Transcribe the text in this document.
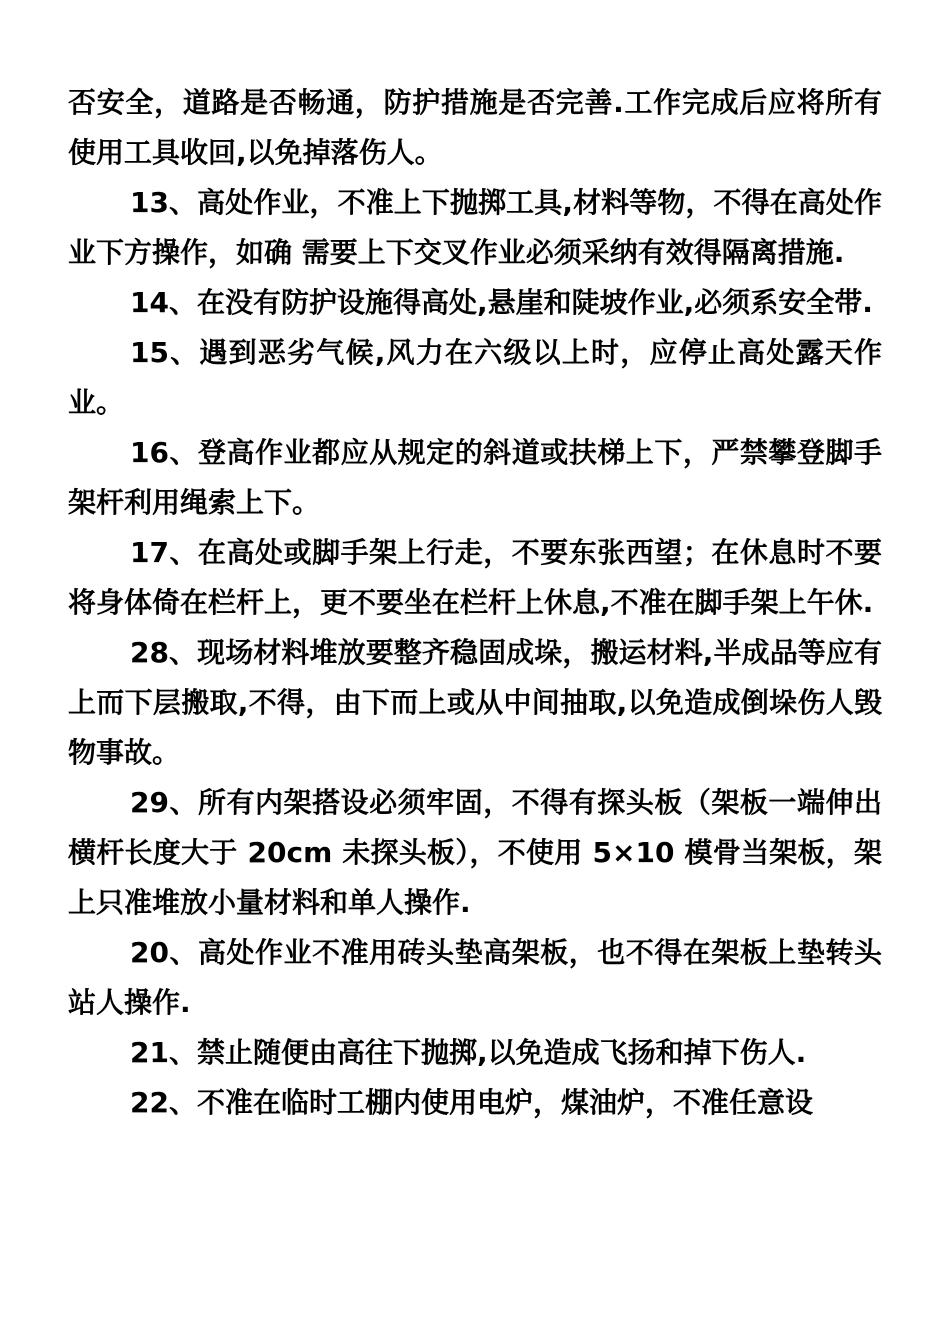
否安全，道路是否畅通，防护措施是否完善.工作完成后应将所有使用工具收回,以免掉落伤人。

13、高处作业，不准上下抛掷工具,材料等物，不得在高处作业下方操作，如确 需要上下交叉作业必须采纳有效得隔离措施.

14、在没有防护设施得高处,悬崖和陡坡作业,必须系安全带.

15、遇到恶劣气候,风力在六级以上时，应停止高处露天作业。

16、登高作业都应从规定的斜道或扶梯上下，严禁攀登脚手架杆利用绳索上下。

17、在高处或脚手架上行走，不要东张西望；在休息时不要将身体倚在栏杆上，更不要坐在栏杆上休息,不准在脚手架上午休.

28、现场材料堆放要整齐稳固成垛，搬运材料,半成品等应有上而下层搬取,不得，由下而上或从中间抽取,以免造成倒垛伤人毁物事故。

29、所有内架搭设必须牢固，不得有探头板（架板一端伸出横杆长度大于 20cm 未探头板），不使用 5×10 模骨当架板，架上只准堆放小量材料和单人操作.

20、高处作业不准用砖头垫高架板，也不得在架板上垫转头站人操作.

21、禁止随便由高往下抛掷,以免造成飞扬和掉下伤人.

22、不准在临时工棚内使用电炉，煤油炉，不准任意设
